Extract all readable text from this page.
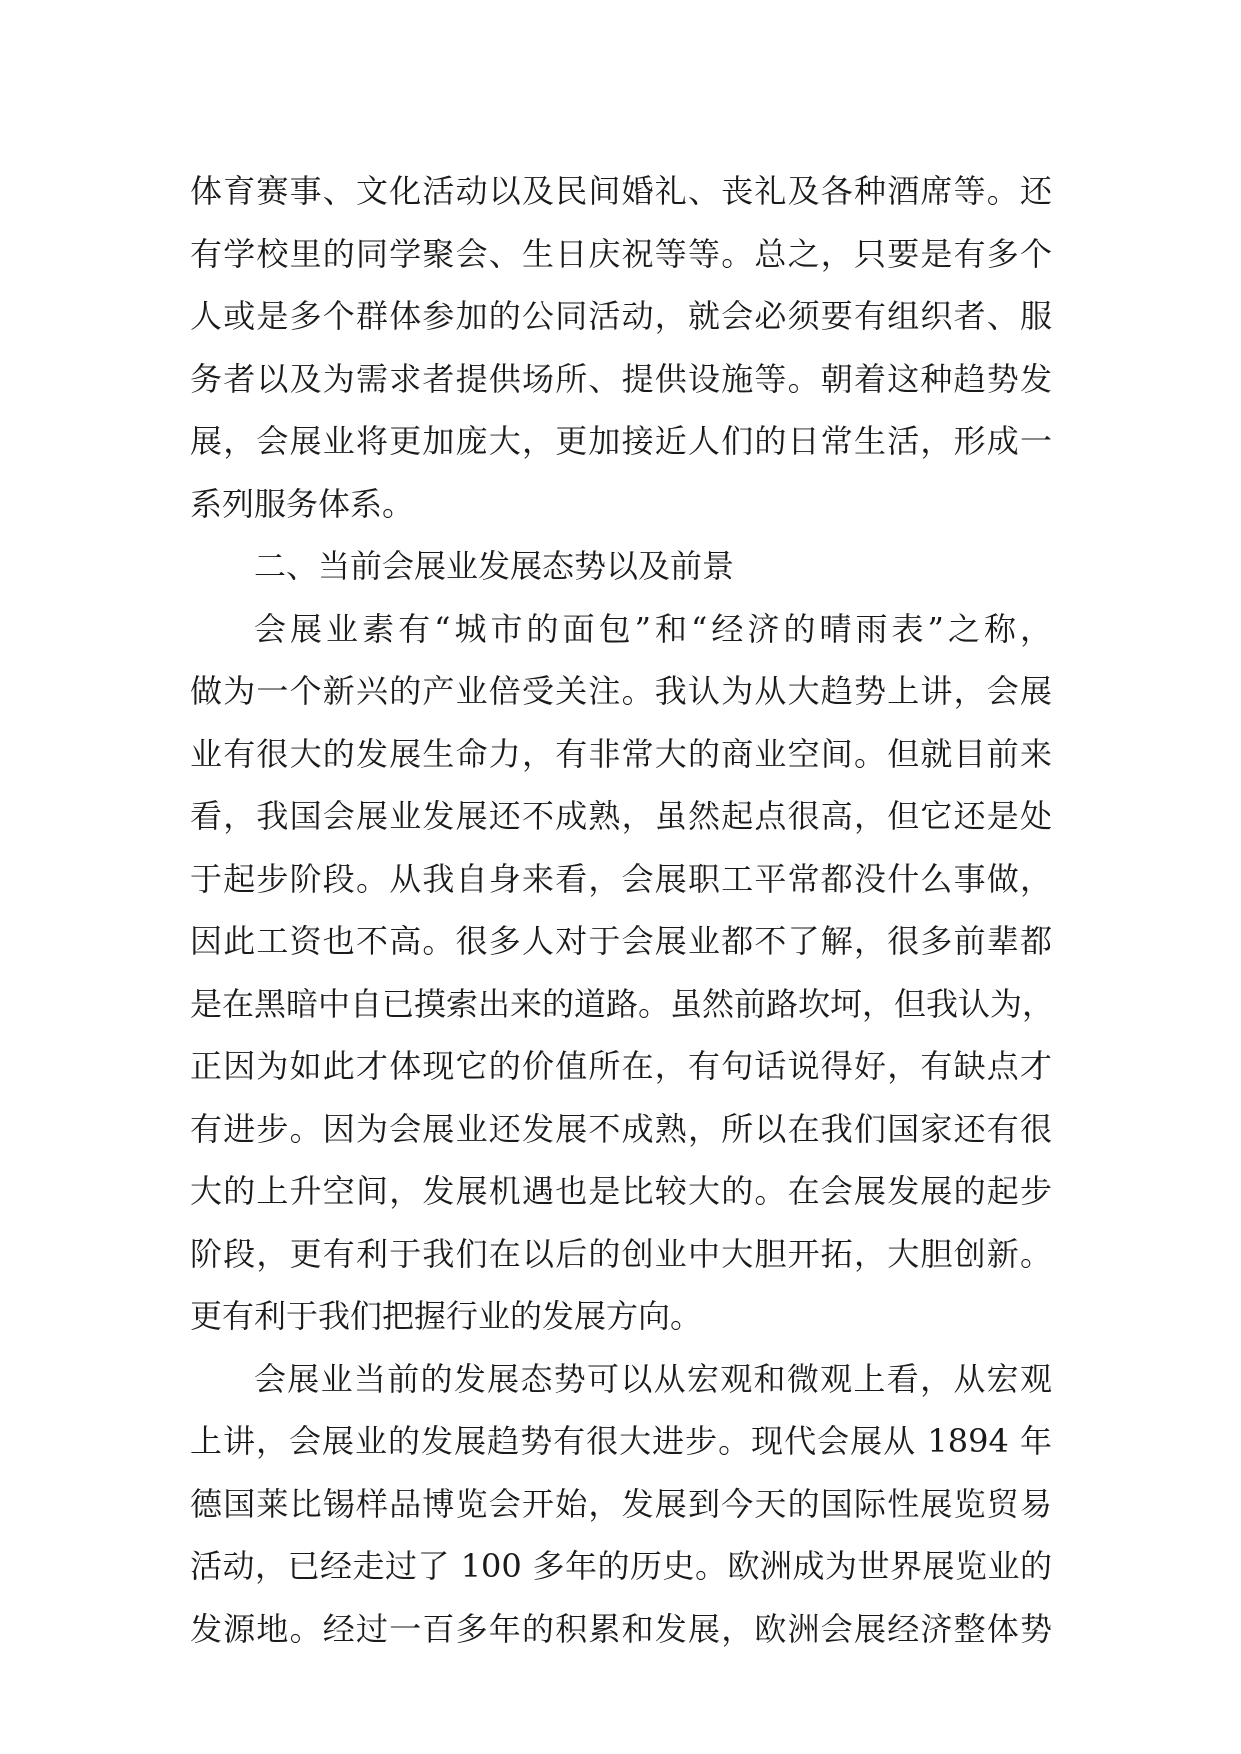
体育赛事、文化活动以及民间婚礼、丧礼及各种酒席等。还
有学校里的同学聚会、生日庆祝等等。总之，只要是有多个
人或是多个群体参加的公同活动，就会必须要有组织者、服
务者以及为需求者提供场所、提供设施等。朝着这种趋势发
展，会展业将更加庞大，更加接近人们的日常生活，形成一
系列服务体系。
二、当前会展业发展态势以及前景
会展业素有“城市的面包”和“经济的晴雨表”之称，
做为一个新兴的产业倍受关注。我认为从大趋势上讲，会展
业有很大的发展生命力，有非常大的商业空间。但就目前来
看，我国会展业发展还不成熟，虽然起点很高，但它还是处
于起步阶段。从我自身来看，会展职工平常都没什么事做，
因此工资也不高。很多人对于会展业都不了解，很多前辈都
是在黑暗中自已摸索出来的道路。虽然前路坎坷，但我认为，
正因为如此才体现它的价值所在，有句话说得好，有缺点才
有进步。因为会展业还发展不成熟，所以在我们国家还有很
大的上升空间，发展机遇也是比较大的。在会展发展的起步
阶段，更有利于我们在以后的创业中大胆开拓，大胆创新。
更有利于我们把握行业的发展方向。
会展业当前的发展态势可以从宏观和微观上看，从宏观
上讲，会展业的发展趋势有很大进步。现代会展从 1894 年
德国莱比锡样品博览会开始，发展到今天的国际性展览贸易
活动，已经走过了 100 多年的历史。欧洲成为世界展览业的
发源地。经过一百多年的积累和发展，欧洲会展经济整体势
